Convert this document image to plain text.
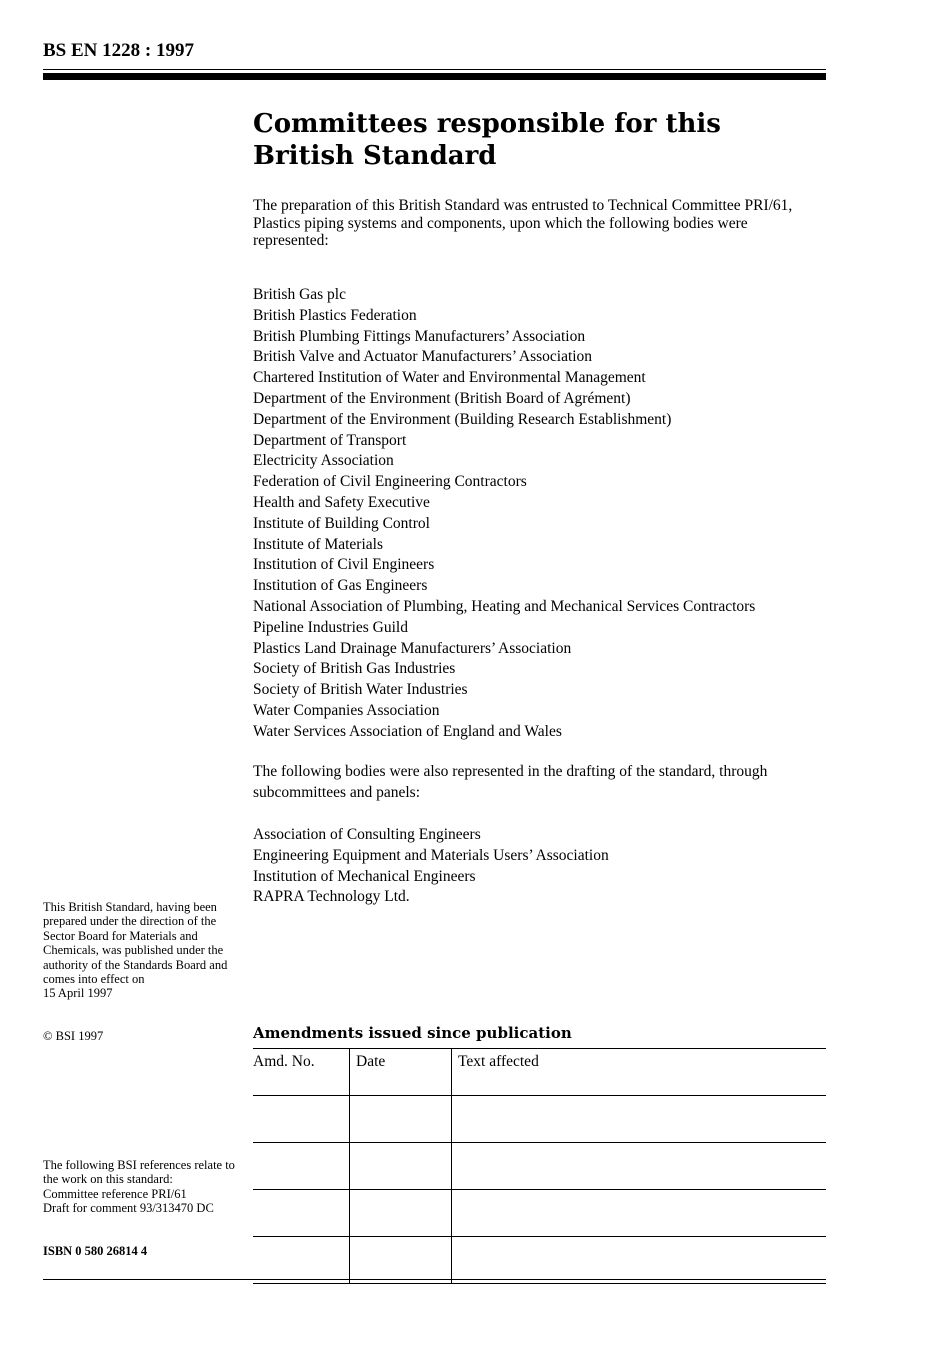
BS EN 1228 : 1997
Committees responsible for this
British Standard

The preparation of this British Standard was entrusted to Technical Committee PRI/61, Plastics piping systems and components, upon which the following bodies were represented:

British Gas plc
British Plastics Federation
British Plumbing Fittings Manufacturers’ Association
British Valve and Actuator Manufacturers’ Association
Chartered Institution of Water and Environmental Management
Department of the Environment (British Board of Agrément)
Department of the Environment (Building Research Establishment)
Department of Transport
Electricity Association
Federation of Civil Engineering Contractors
Health and Safety Executive
Institute of Building Control
Institute of Materials
Institution of Civil Engineers
Institution of Gas Engineers
National Association of Plumbing, Heating and Mechanical Services Contractors
Pipeline Industries Guild
Plastics Land Drainage Manufacturers’ Association
Society of British Gas Industries
Society of British Water Industries
Water Companies Association
Water Services Association of England and Wales

The following bodies were also represented in the drafting of the standard, through subcommittees and panels:

Association of Consulting Engineers
Engineering Equipment and Materials Users’ Association
Institution of Mechanical Engineers
RAPRA Technology Ltd.

This British Standard, having been prepared under the direction of the Sector Board for Materials and Chemicals, was published under the authority of the Standards Board and comes into effect on
15 April 1997

© BSI 1997

The following BSI references relate to the work on this standard:
Committee reference PRI/61
Draft for comment 93/313470 DC

ISBN 0 580 26814 4

Amendments issued since publication
Amd. No.	Date	Text affected
